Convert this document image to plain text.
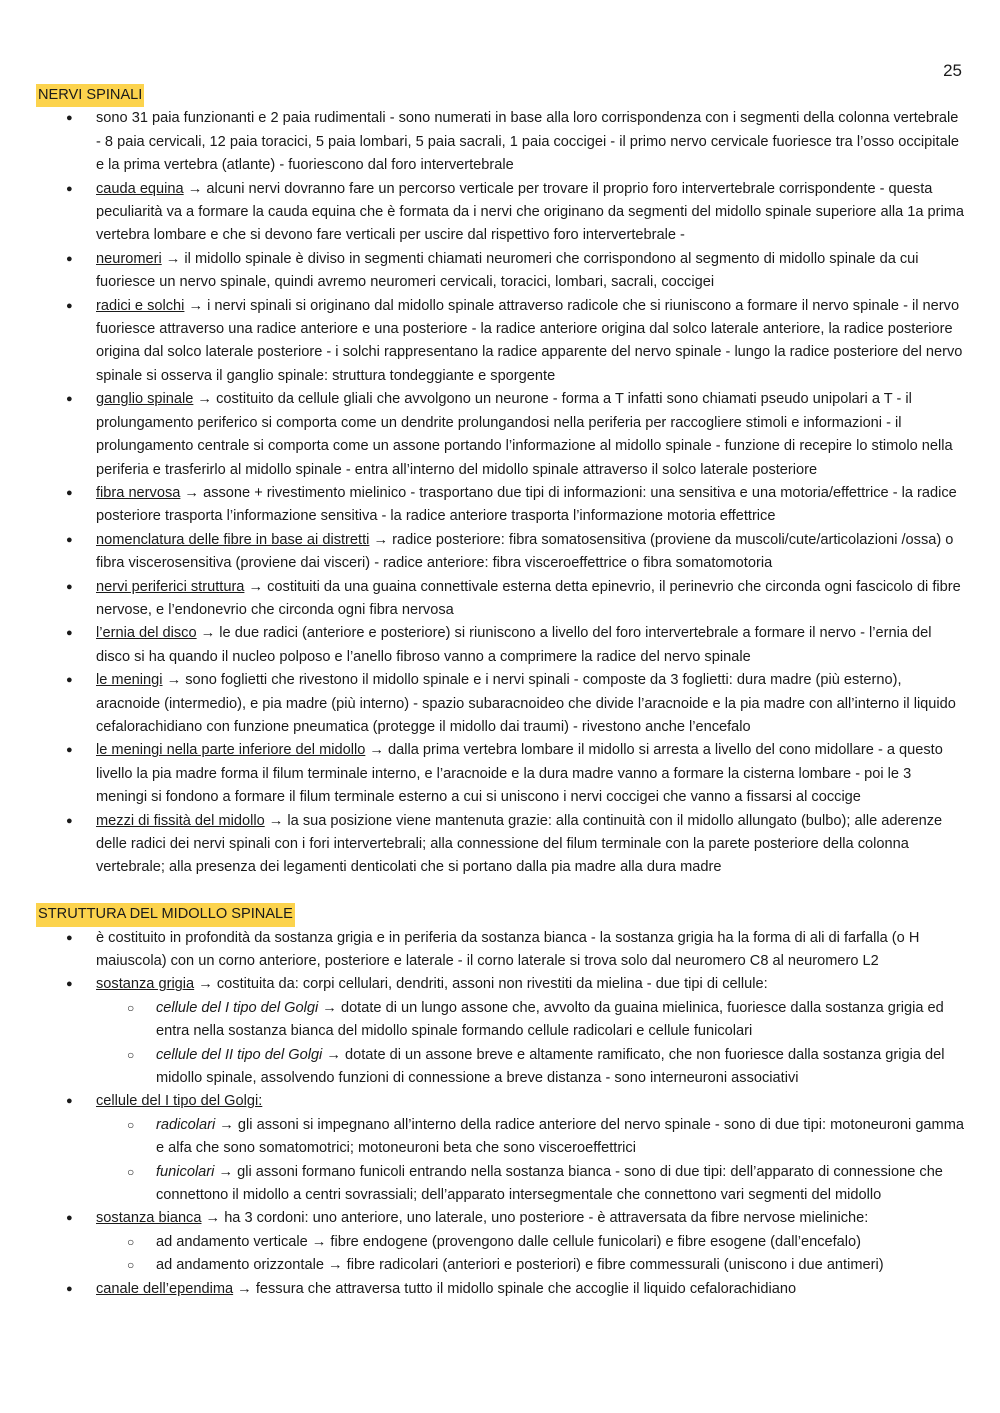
25
NERVI SPINALI
● sono 31 paia funzionanti e 2 paia rudimentali - sono numerati in base alla loro corrispondenza con i segmenti della colonna vertebrale - 8 paia cervicali, 12 paia toracici, 5 paia lombari, 5 paia sacrali, 1 paia coccigei - il primo nervo cervicale fuoriesce tra l’osso occipitale e la prima vertebra (atlante) - fuoriescono dal foro intervertebrale
● cauda equina → alcuni nervi dovranno fare un percorso verticale per trovare il proprio foro intervertebrale corrispondente - questa peculiarità va a formare la cauda equina che è formata da i nervi che originano da segmenti del midollo spinale superiore alla 1a prima vertebra lombare e che si devono fare verticali per uscire dal rispettivo foro intervertebrale -
● neuromeri → il midollo spinale è diviso in segmenti chiamati neuromeri che corrispondono al segmento di midollo spinale da cui fuoriesce un nervo spinale, quindi avremo neuromeri cervicali, toracici, lombari, sacrali, coccigei
● radici e solchi → i nervi spinali si originano dal midollo spinale attraverso radicole che si riuniscono a formare il nervo spinale - il nervo fuoriesce attraverso una radice anteriore e una posteriore - la radice anteriore origina dal solco laterale anteriore, la radice posteriore origina dal solco laterale posteriore - i solchi rappresentano la radice apparente del nervo spinale - lungo la radice posteriore del nervo spinale si osserva il ganglio spinale: struttura tondeggiante e sporgente
● ganglio spinale → costituito da cellule gliali che avvolgono un neurone - forma a T infatti sono chiamati pseudo unipolari a T - il prolungamento periferico si comporta come un dendrite prolungandosi nella periferia per raccogliere stimoli e informazioni - il prolungamento centrale si comporta come un assone portando l’informazione al midollo spinale - funzione di recepire lo stimolo nella periferia e trasferirlo al midollo spinale - entra all’interno del midollo spinale attraverso il solco laterale posteriore
● fibra nervosa → assone + rivestimento mielinico - trasportano due tipi di informazioni: una sensitiva e una motoria/effettrice - la radice posteriore trasporta l’informazione sensitiva - la radice anteriore trasporta l’informazione motoria effettrice
● nomenclatura delle fibre in base ai distretti → radice posteriore: fibra somatosensitiva (proviene da muscoli/cute/articolazioni /ossa) o fibra viscerosensitiva (proviene dai visceri) - radice anteriore: fibra visceroeffettrice o fibra somatomotoria
● nervi periferici struttura → costituiti da una guaina connettivale esterna detta epinevrio, il perinevrio che circonda ogni fascicolo di fibre nervose, e l’endonevrio che circonda ogni fibra nervosa
● l’ernia del disco → le due radici (anteriore e posteriore) si riuniscono a livello del foro intervertebrale a formare il nervo - l’ernia del disco si ha quando il nucleo polposo e l’anello fibroso vanno a comprimere la radice del nervo spinale
● le meningi → sono foglietti che rivestono il midollo spinale e i nervi spinali - composte da 3 foglietti: dura madre (più esterno), aracnoide (intermedio), e pia madre (più interno) - spazio subaracnoideo che divide l’aracnoide e la pia madre con all’interno il liquido cefalorachidiano con funzione pneumatica (protegge il midollo dai traumi) - rivestono anche l’encefalo
● le meningi nella parte inferiore del midollo → dalla prima vertebra lombare il midollo si arresta a livello del cono midollare - a questo livello la pia madre forma il filum terminale interno, e l’aracnoide e la dura madre vanno a formare la cisterna lombare - poi le 3 meningi si fondono a formare il filum terminale esterno a cui si uniscono i nervi coccigei che vanno a fissarsi al coccige
● mezzi di fissità del midollo → la sua posizione viene mantenuta grazie: alla continuità con il midollo allungato (bulbo); alle aderenze delle radici dei nervi spinali con i fori intervertebrali; alla connessione del filum terminale con la parete posteriore della colonna vertebrale; alla presenza dei legamenti denticolati che si portano dalla pia madre alla dura madre
STRUTTURA DEL MIDOLLO SPINALE
● è costituito in profondità da sostanza grigia e in periferia da sostanza bianca - la sostanza grigia ha la forma di ali di farfalla (o H maiuscola) con un corno anteriore, posteriore e laterale - il corno laterale si trova solo dal neuromero C8 al neuromero L2
● sostanza grigia → costituita da: corpi cellulari, dendriti, assoni non rivestiti da mielina - due tipi di cellule:
○ cellule del I tipo del Golgi → dotate di un lungo assone che, avvolto da guaina mielinica, fuoriesce dalla sostanza grigia ed entra nella sostanza bianca del midollo spinale formando cellule radicolari e cellule funicolari
○ cellule del II tipo del Golgi → dotate di un assone breve e altamente ramificato, che non fuoriesce dalla sostanza grigia del midollo spinale, assolvendo funzioni di connessione a breve distanza - sono interneuroni associativi
● cellule del I tipo del Golgi:
○ radicolari → gli assoni si impegnano all’interno della radice anteriore del nervo spinale - sono di due tipi: motoneuroni gamma e alfa che sono somatomotrici; motoneuroni beta che sono visceroeffettrici
○ funicolari → gli assoni formano funicoli entrando nella sostanza bianca - sono di due tipi: dell’apparato di connessione che connettono il midollo a centri sovrassiali; dell’apparato intersegmentale che connettono vari segmenti del midollo
● sostanza bianca → ha 3 cordoni: uno anteriore, uno laterale, uno posteriore - è attraversata da fibre nervose mieliniche:
○ ad andamento verticale → fibre endogene (provengono dalle cellule funicolari) e fibre esogene (dall’encefalo)
○ ad andamento orizzontale → fibre radicolari (anteriori e posteriori) e fibre commessurali (uniscono i due antimeri)
● canale dell’ependima → fessura che attraversa tutto il midollo spinale che accoglie il liquido cefalorachidiano
